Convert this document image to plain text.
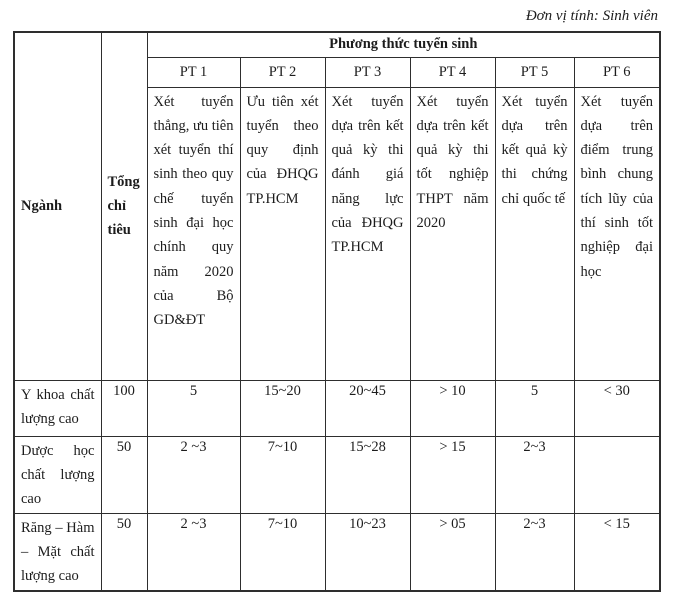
Đơn vị tính: Sinh viên
Ngành	Tổng chỉ tiêu	Phương thức tuyển sinh					
		PT 1	PT 2	PT 3	PT 4	PT 5	PT 6
		Xét tuyển thẳng, ưu tiên xét tuyển thí sinh theo quy chế tuyển sinh đại học chính quy năm 2020 của Bộ GD&ĐT	Ưu tiên xét tuyển theo quy định của ĐHQG TP.HCM	Xét tuyển dựa trên kết quả kỳ thi đánh giá năng lực của ĐHQG TP.HCM	Xét tuyển dựa trên kết quả kỳ thi tốt nghiệp THPT năm 2020	Xét tuyển dựa trên kết quả kỳ thi chứng chỉ quốc tế	Xét tuyển dựa trên điểm trung bình chung tích lũy của thí sinh tốt nghiệp đại học
Y khoa chất lượng cao	100	5	15~20	20~45	> 10	5	< 30
Dược học chất lượng cao	50	2 ~3	7~10	15~28	> 15	2~3	
Răng – Hàm – Mặt chất lượng cao	50	2 ~3	7~10	10~23	> 05	2~3	< 15
